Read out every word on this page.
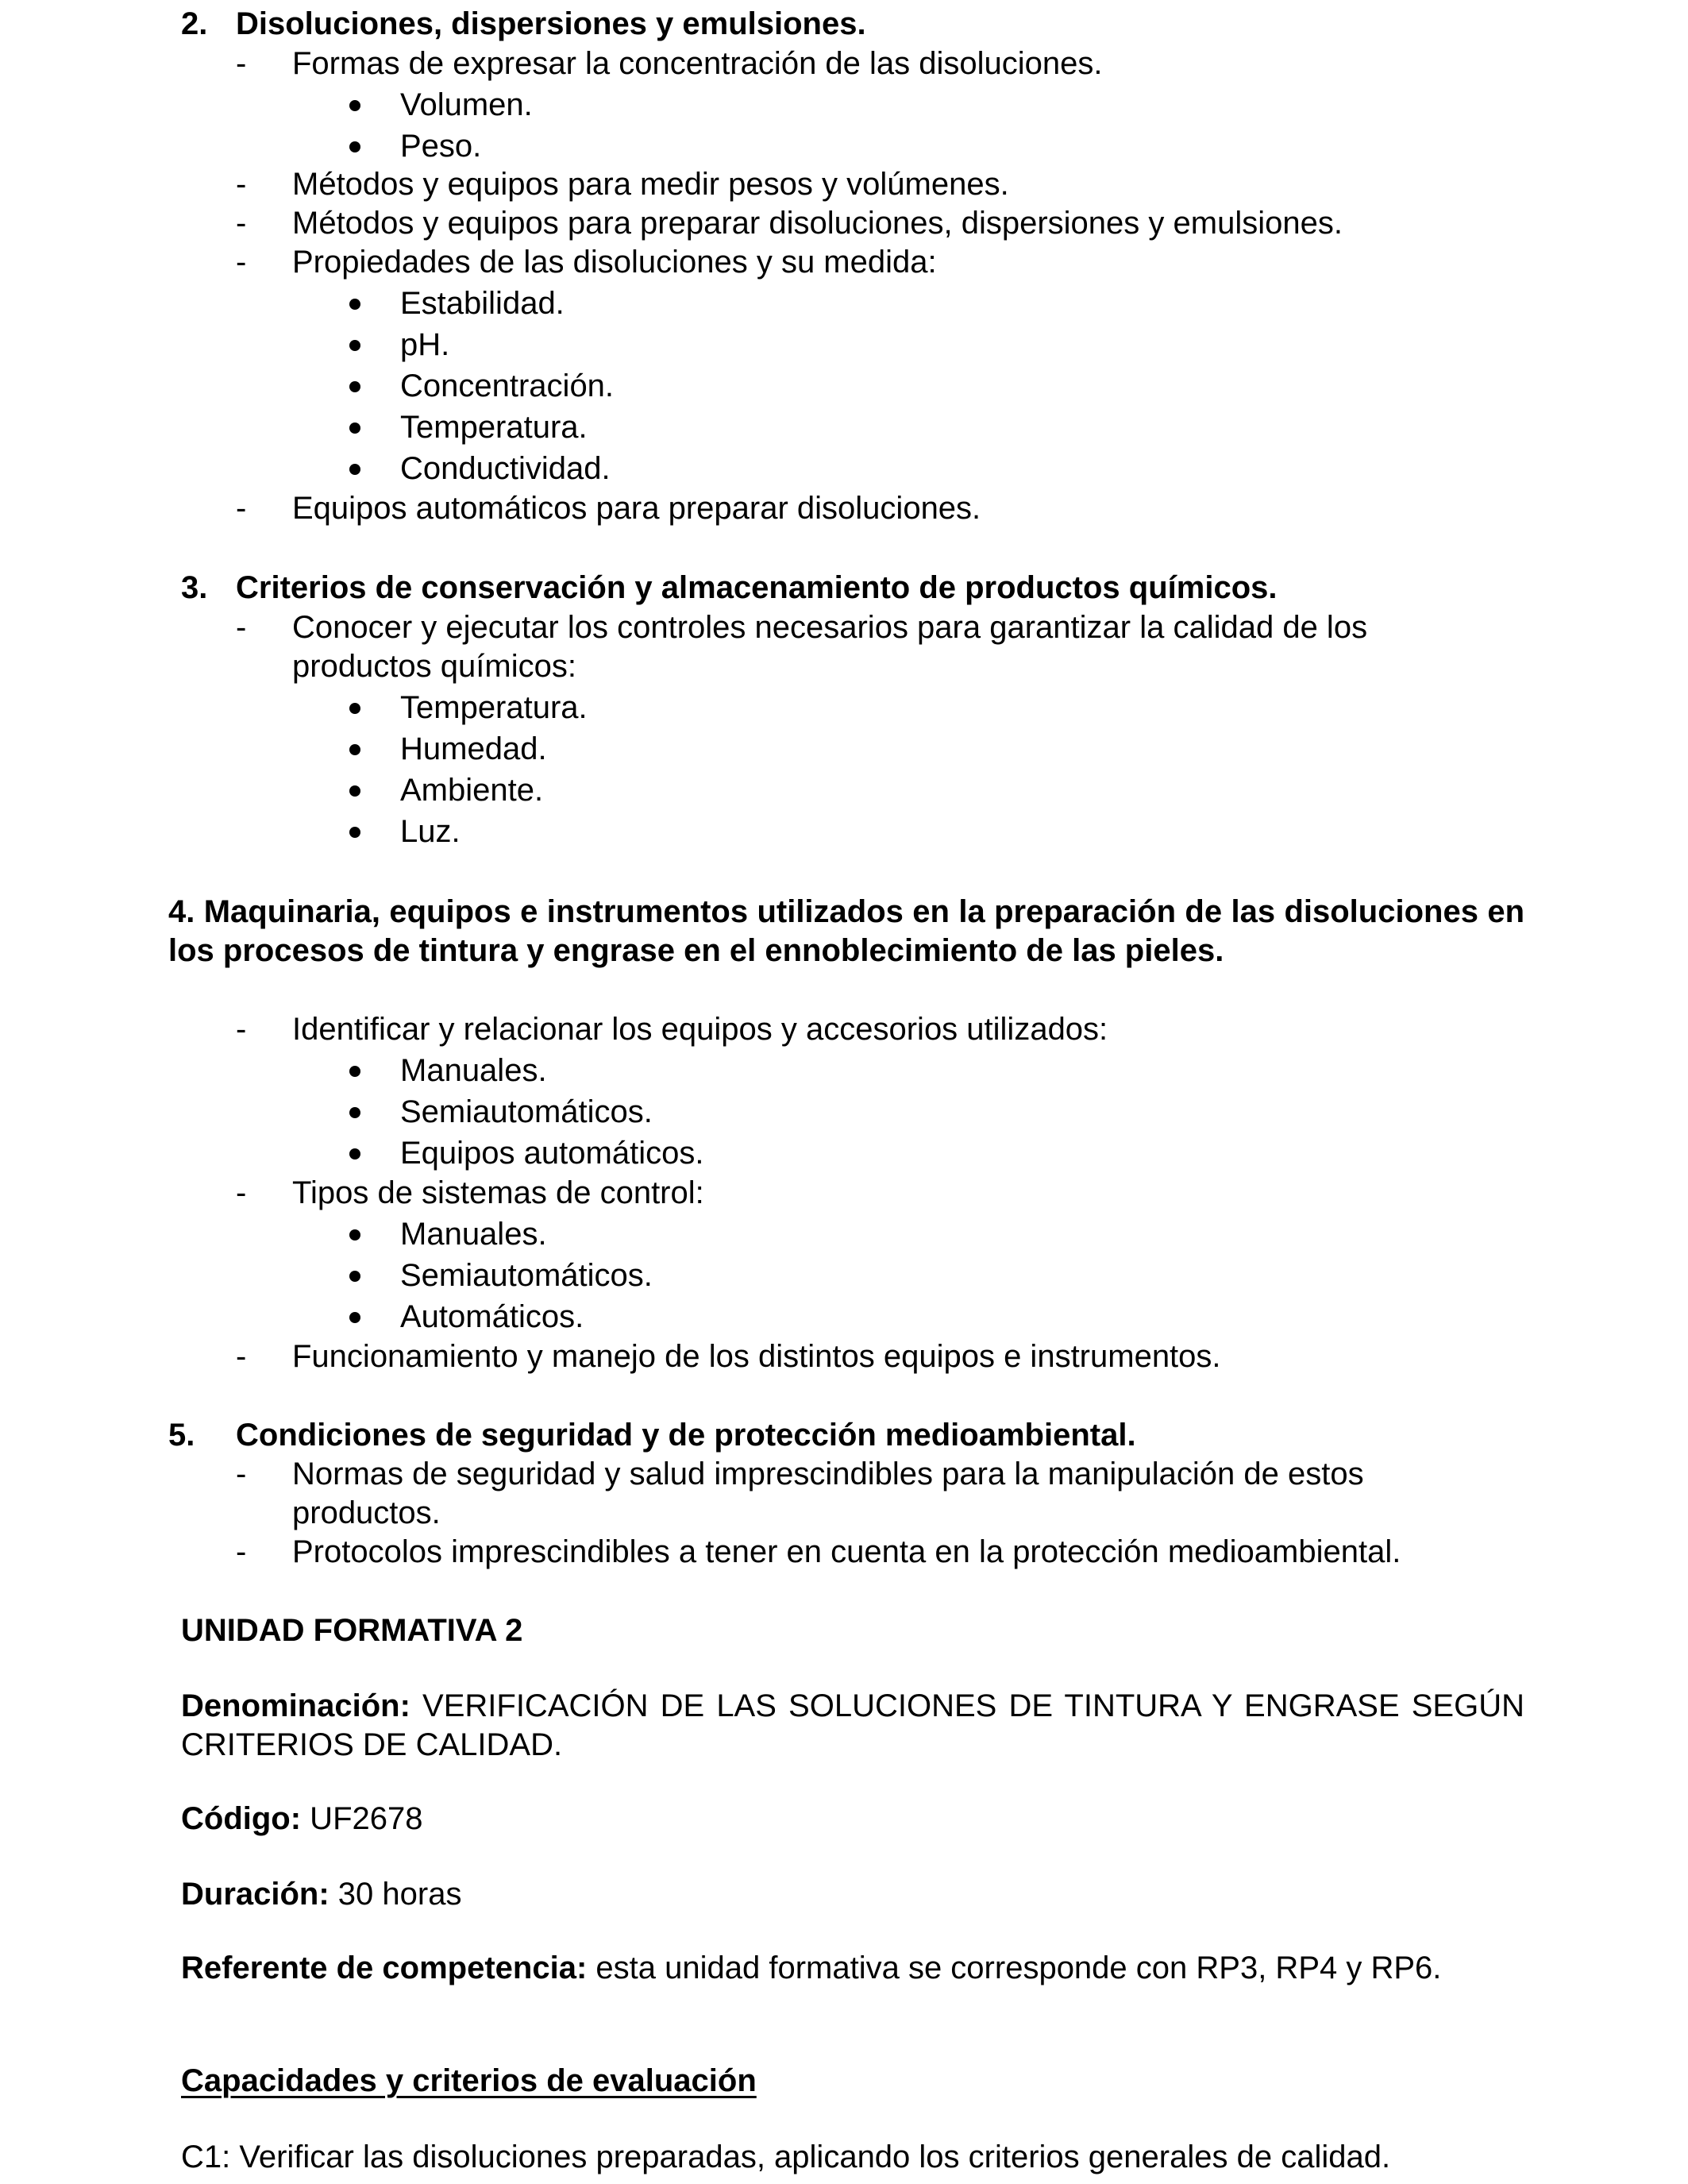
2. Disoluciones, dispersiones y emulsiones.
- Formas de expresar la concentración de las disoluciones.
Volumen.
Peso.
- Métodos y equipos para medir pesos y volúmenes.
- Métodos y equipos para preparar disoluciones, dispersiones y emulsiones.
- Propiedades de las disoluciones y su medida:
Estabilidad.
pH.
Concentración.
Temperatura.
Conductividad.
- Equipos automáticos para preparar disoluciones.
3. Criterios de conservación y almacenamiento de productos químicos.
- Conocer y ejecutar los controles necesarios para garantizar la calidad de los
productos químicos:
Temperatura.
Humedad.
Ambiente.
Luz.
4. Maquinaria, equipos e instrumentos utilizados en la preparación de las disoluciones en los procesos de tintura y engrase en el ennoblecimiento de las pieles.
- Identificar y relacionar los equipos y accesorios utilizados:
Manuales.
Semiautomáticos.
Equipos automáticos.
- Tipos de sistemas de control:
Manuales.
Semiautomáticos.
Automáticos.
- Funcionamiento y manejo de los distintos equipos e instrumentos.
5. Condiciones de seguridad y de protección medioambiental.
- Normas de seguridad y salud imprescindibles para la manipulación de estos
productos.
- Protocolos imprescindibles a tener en cuenta en la protección medioambiental.
UNIDAD FORMATIVA 2
Denominación: VERIFICACIÓN DE LAS SOLUCIONES DE TINTURA Y ENGRASE SEGÚN CRITERIOS DE CALIDAD.
Código: UF2678
Duración: 30 horas
Referente de competencia: esta unidad formativa se corresponde con RP3, RP4 y RP6.
Capacidades y criterios de evaluación
C1: Verificar las disoluciones preparadas, aplicando los criterios generales de calidad.
